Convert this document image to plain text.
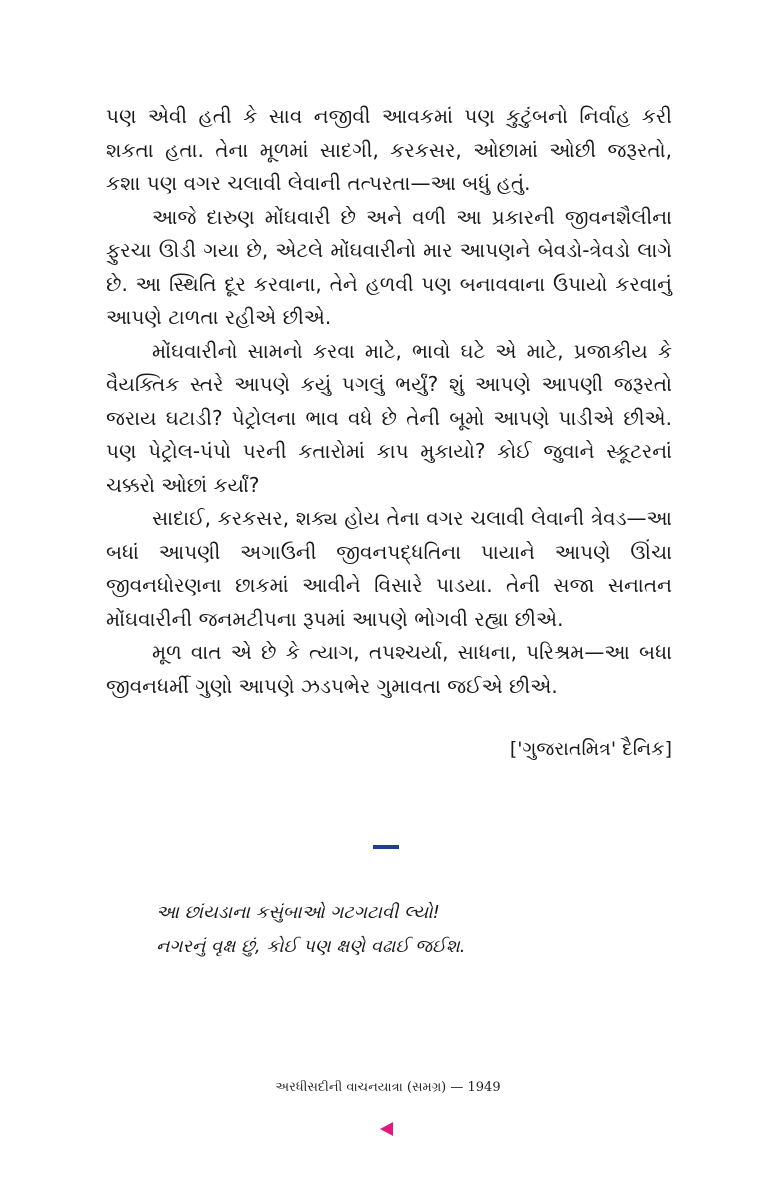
પણ એવી હતી કે સાવ નજીવી આવકમાં પણ કુટુંબનો નિર્વાહ કરી શકતા હતા. તેના મૂળમાં સાદગી, કરકસર, ઓછામાં ઓછી જરૂરતો, કશા પણ વગર ચલાવી લેવાની તત્પરતા—આ બધું હતું.

આજે દારુણ મોંઘવારી છે અને વળી આ પ્રકારની જીવનશૈલીના ફુરચા ઊડી ગયા છે, એટલે મોંઘવારીનો માર આપણને બેવડો-ત્રેવડો લાગે છે. આ સ્થિતિ દૂર કરવાના, તેને હળવી પણ બનાવવાના ઉપાયો કરવાનું આપણે ટાળતા રહીએ છીએ.

મોંઘવારીનો સામનો કરવા માટે, ભાવો ઘટે એ માટે, પ્રજાકીય કે વૈયક્તિક સ્તરે આપણે કયું પગલું ભર્યું? શું આપણે આપણી જરૂરતો જરાય ઘટાડી? પેટ્રોલના ભાવ વધે છે તેની બૂમો આપણે પાડીએ છીએ. પણ પેટ્રોલ-પંપો પરની કતારોમાં કાપ મુકાયો? કોઈ જુવાને સ્કૂટરનાં ચક્કરો ઓછાં કર્યાં?

સાદાઈ, કરકસર, શક્ય હોય તેના વગર ચલાવી લેવાની ત્રેવડ—આ બધાં આપણી અગાઉની જીવનપદ્ધતિના પાયાને આપણે ઊંચા જીવનધોરણના છાકમાં આવીને વિસારે પાડયા. તેની સજા સનાતન મોંઘવારીની જનમટીપના રૂપમાં આપણે ભોગવી રહ્યા છીએ.

મૂળ વાત એ છે કે ત્યાગ, તપશ્ચર્યા, સાધના, પરિશ્રમ—આ બધા જીવનધર્મી ગુણો આપણે ઝડપભેર ગુમાવતા જઈએ છીએ.

['ગુજરાતમિત્ર' દૈનિક]
આ છાંયડાના કસુંબાઓ ગટગટાવી લ્યો!
નગરનું વૃક્ષ છું, કોઈ પણ ક્ષણે વઢાઈ જઈશ.
અરધીસદીની વાચનયાત્રા (સમગ્ર) — 1949
